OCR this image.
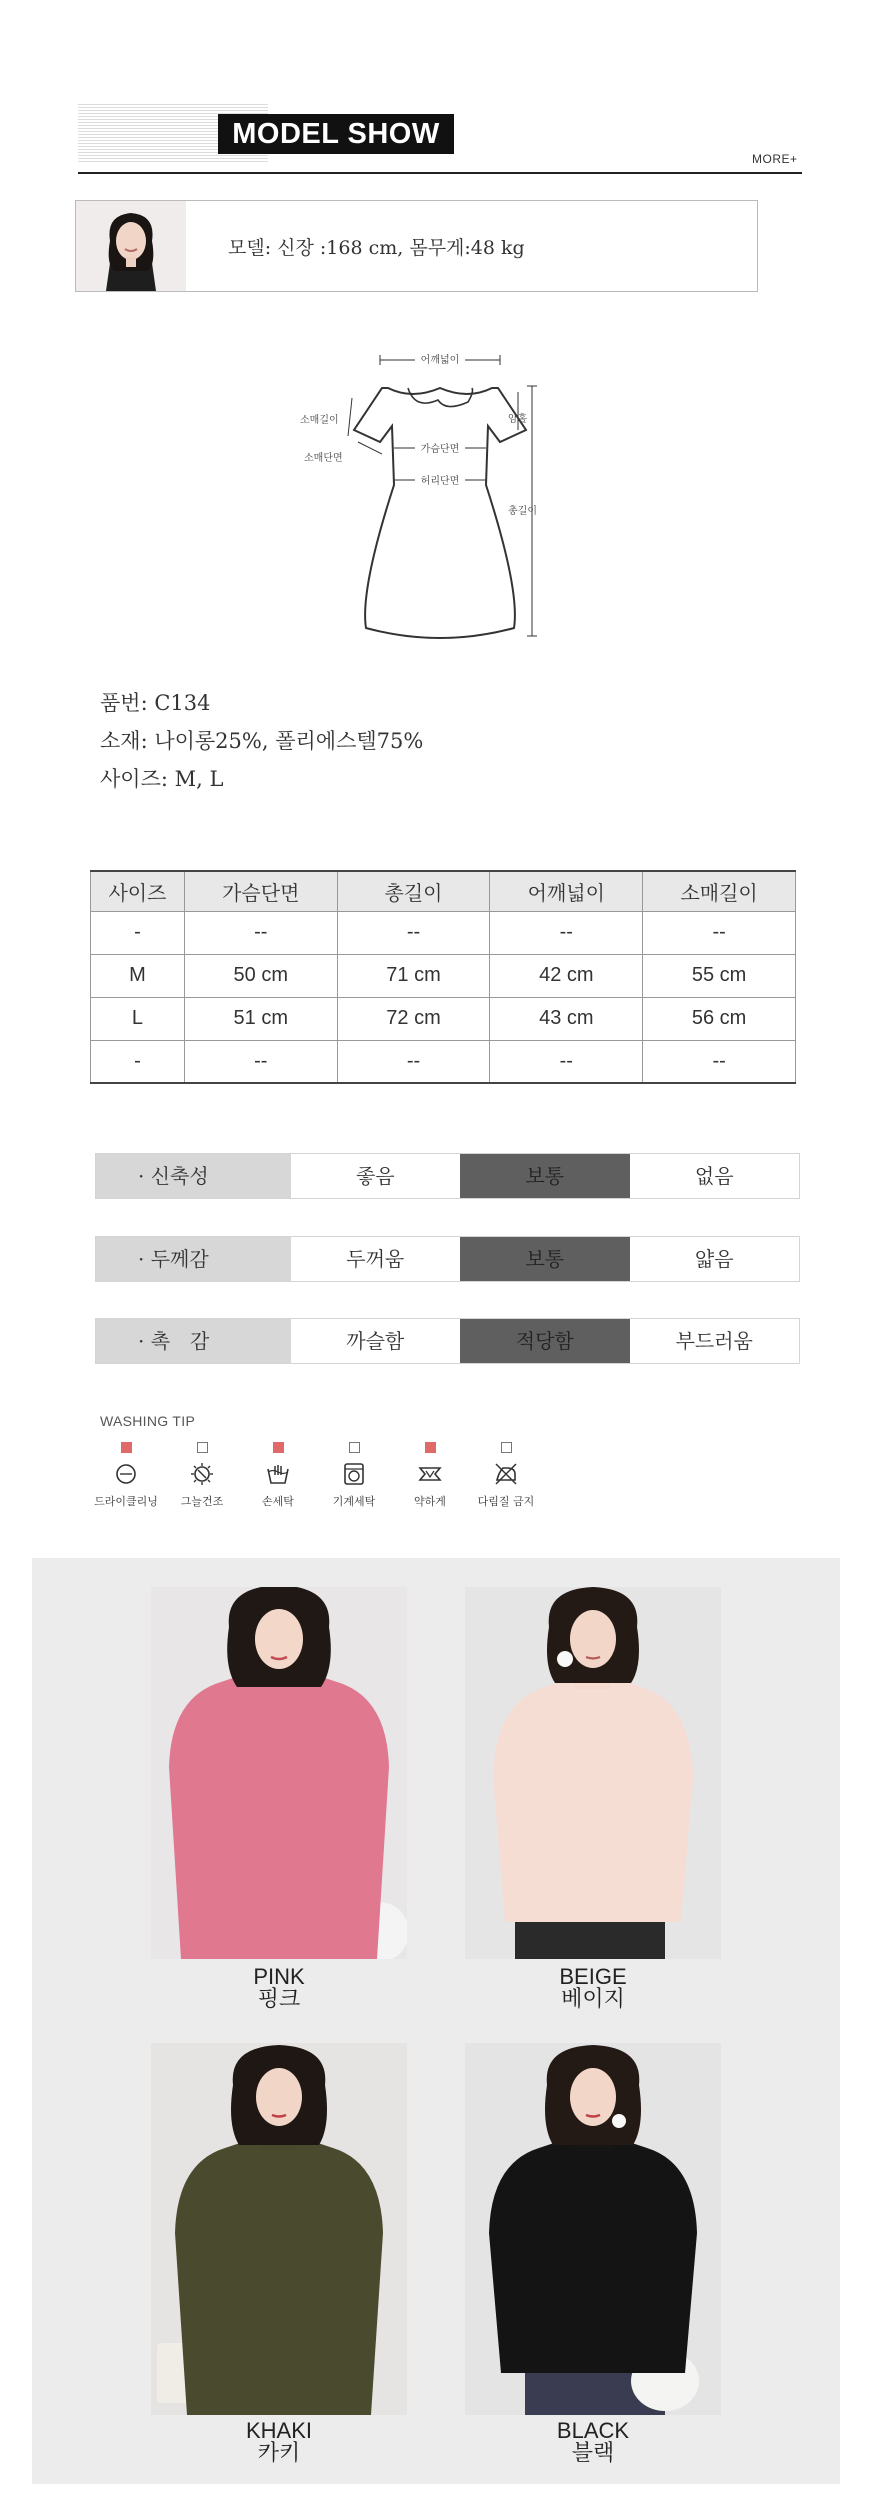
MODEL SHOW
MORE+
모델: 신장 :168 cm, 몸무게:48 kg
어깨넓이
소매길이
소매단면
가슴단면
허리단면
암홀
총길이
품번: C134
소재: 나이롱25%, 폴리에스텔75%
사이즈: M, L
사이즈	가슴단면	총길이	어깨넓이	소매길이
-	--	--	--	--
M	50 cm	71 cm	42 cm	55 cm
L	51 cm	72 cm	43 cm	56 cm
-	--	--	--	--
· 신축성	좋음	보통	없음
· 두께감	두꺼움	보통	얇음
· 촉　감	까슬함	적당함	부드러움
WASHING TIP
드라이클리닝	그늘건조	손세탁	기계세탁	약하게	다림질 금지
PINK
핑크
BEIGE
베이지
KHAKI
카키
BLACK
블랙
